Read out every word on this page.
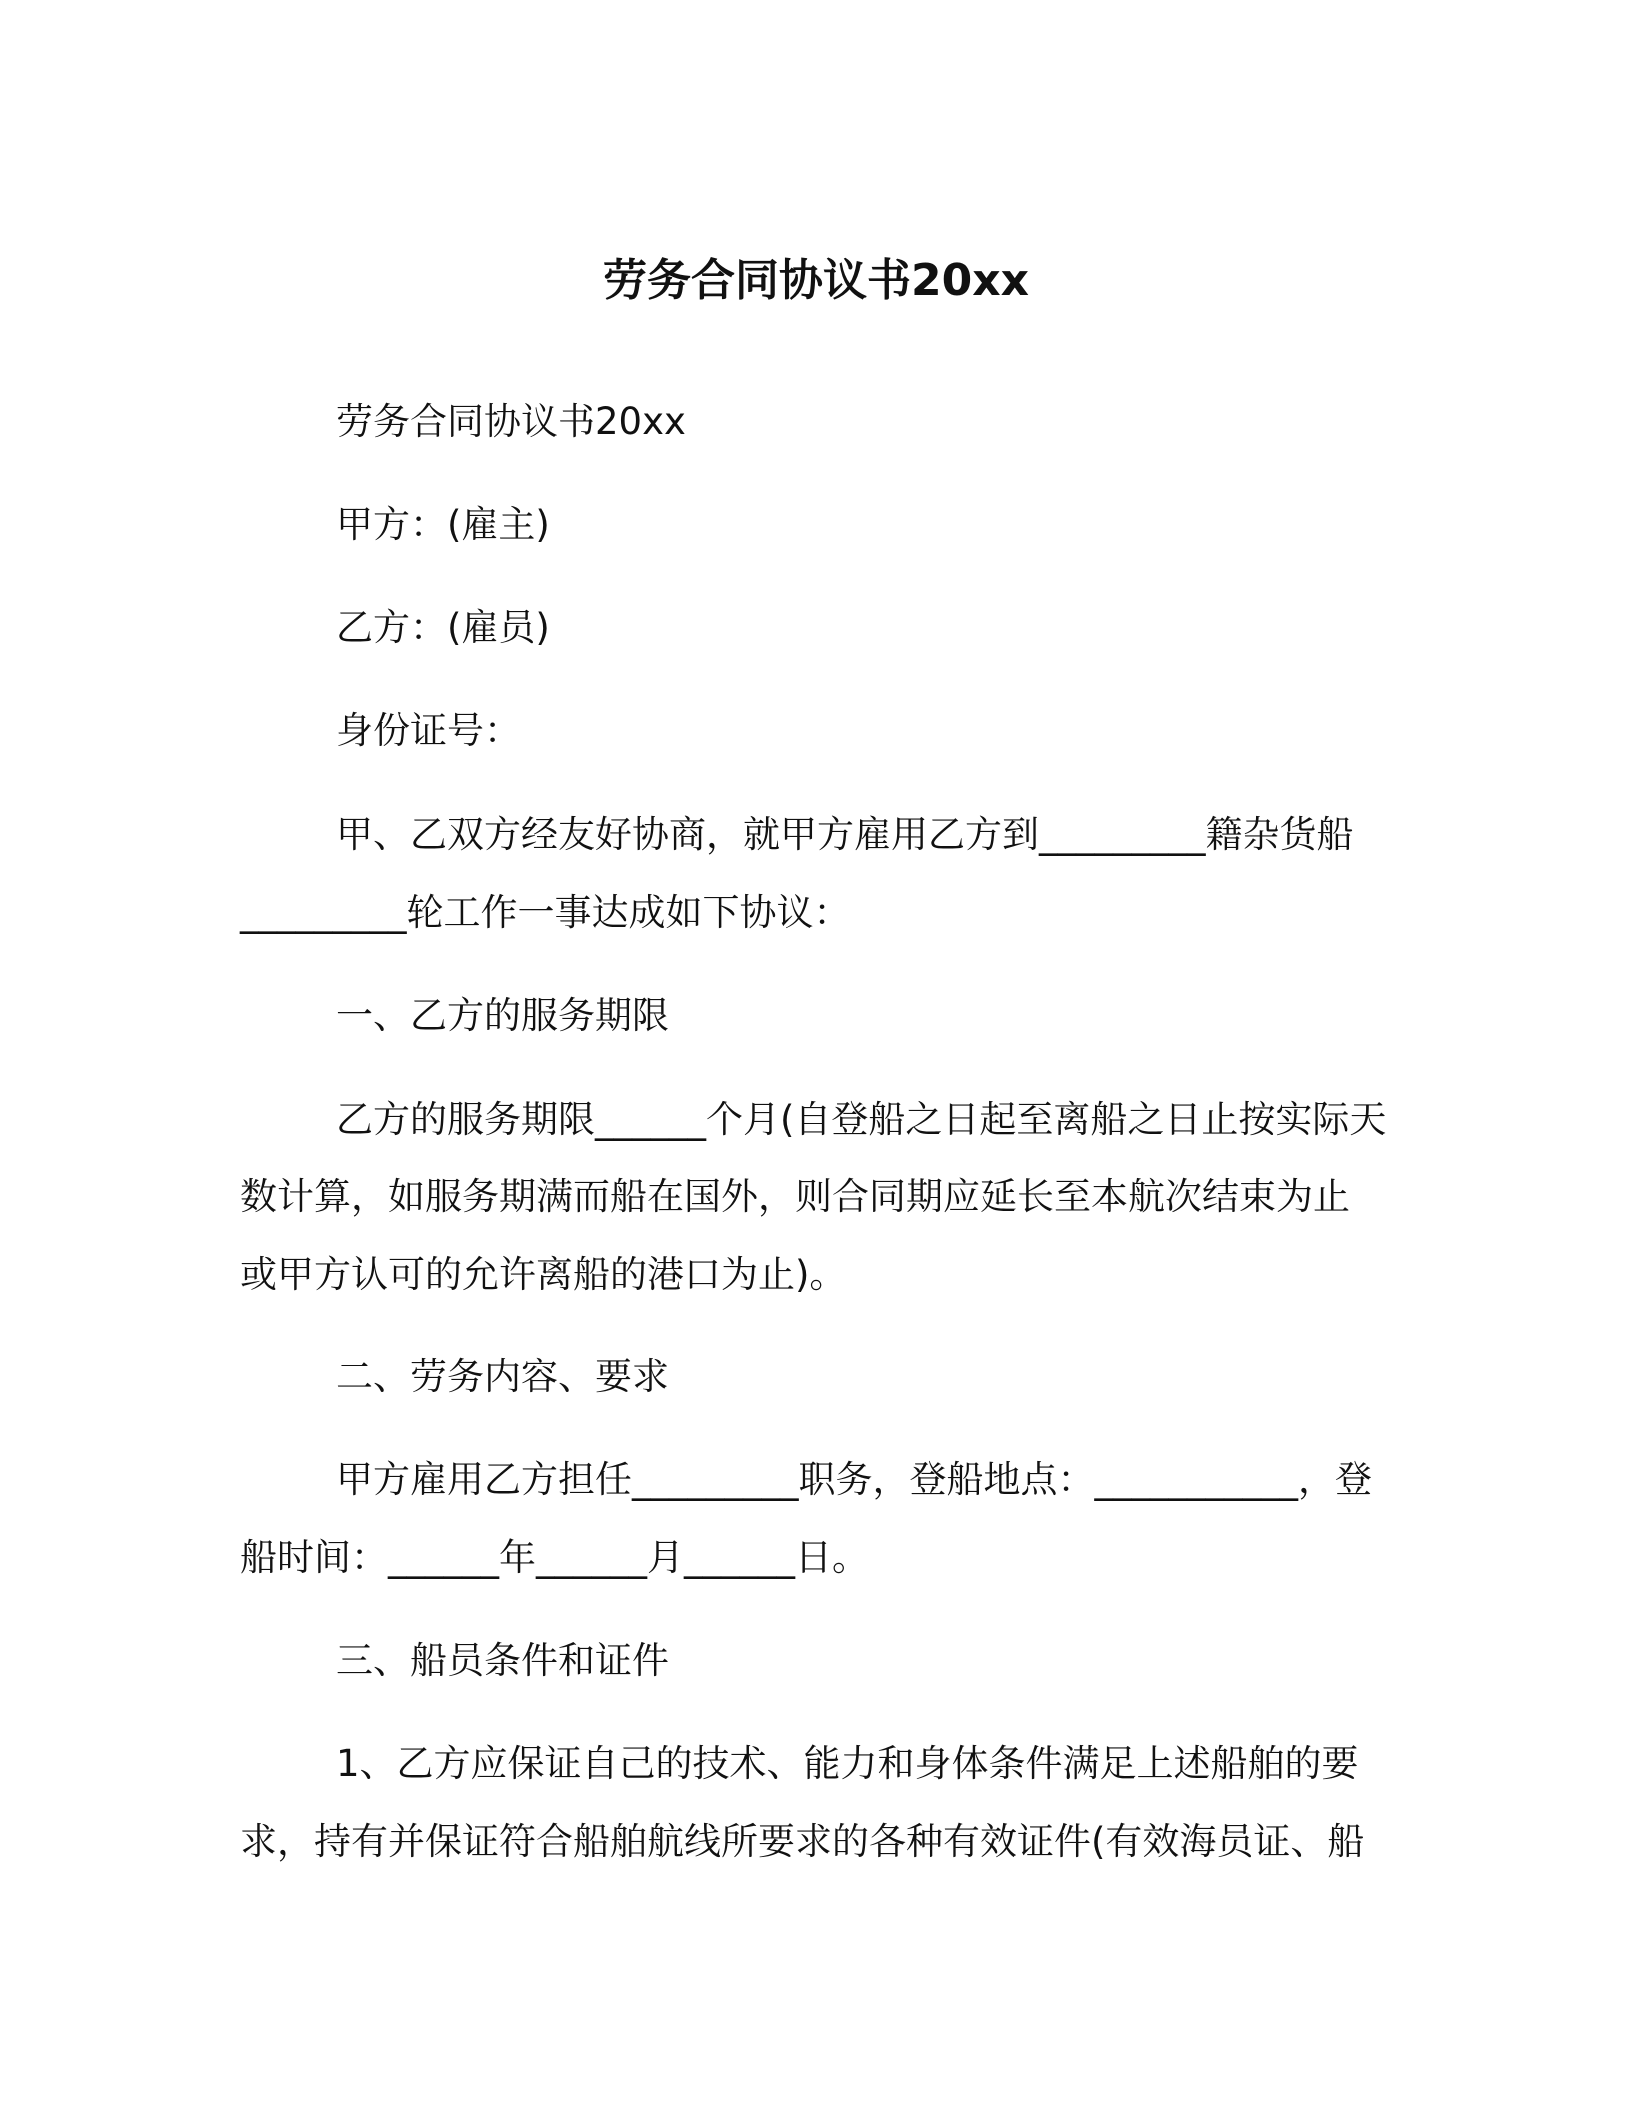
劳务合同协议书20xx

劳务合同协议书20xx

甲方：(雇主)

乙方：(雇员)

身份证号：

甲、乙双方经友好协商，就甲方雇用乙方到_________籍杂货船

_________轮工作一事达成如下协议：

一、乙方的服务期限

乙方的服务期限______个月(自登船之日起至离船之日止按实际天

数计算，如服务期满而船在国外，则合同期应延长至本航次结束为止

或甲方认可的允许离船的港口为止)。

二、劳务内容、要求

甲方雇用乙方担任_________职务，登船地点：___________，登

船时间：______年______月______日。

三、船员条件和证件

1、乙方应保证自己的技术、能力和身体条件满足上述船舶的要

求，持有并保证符合船舶航线所要求的各种有效证件(有效海员证、船
